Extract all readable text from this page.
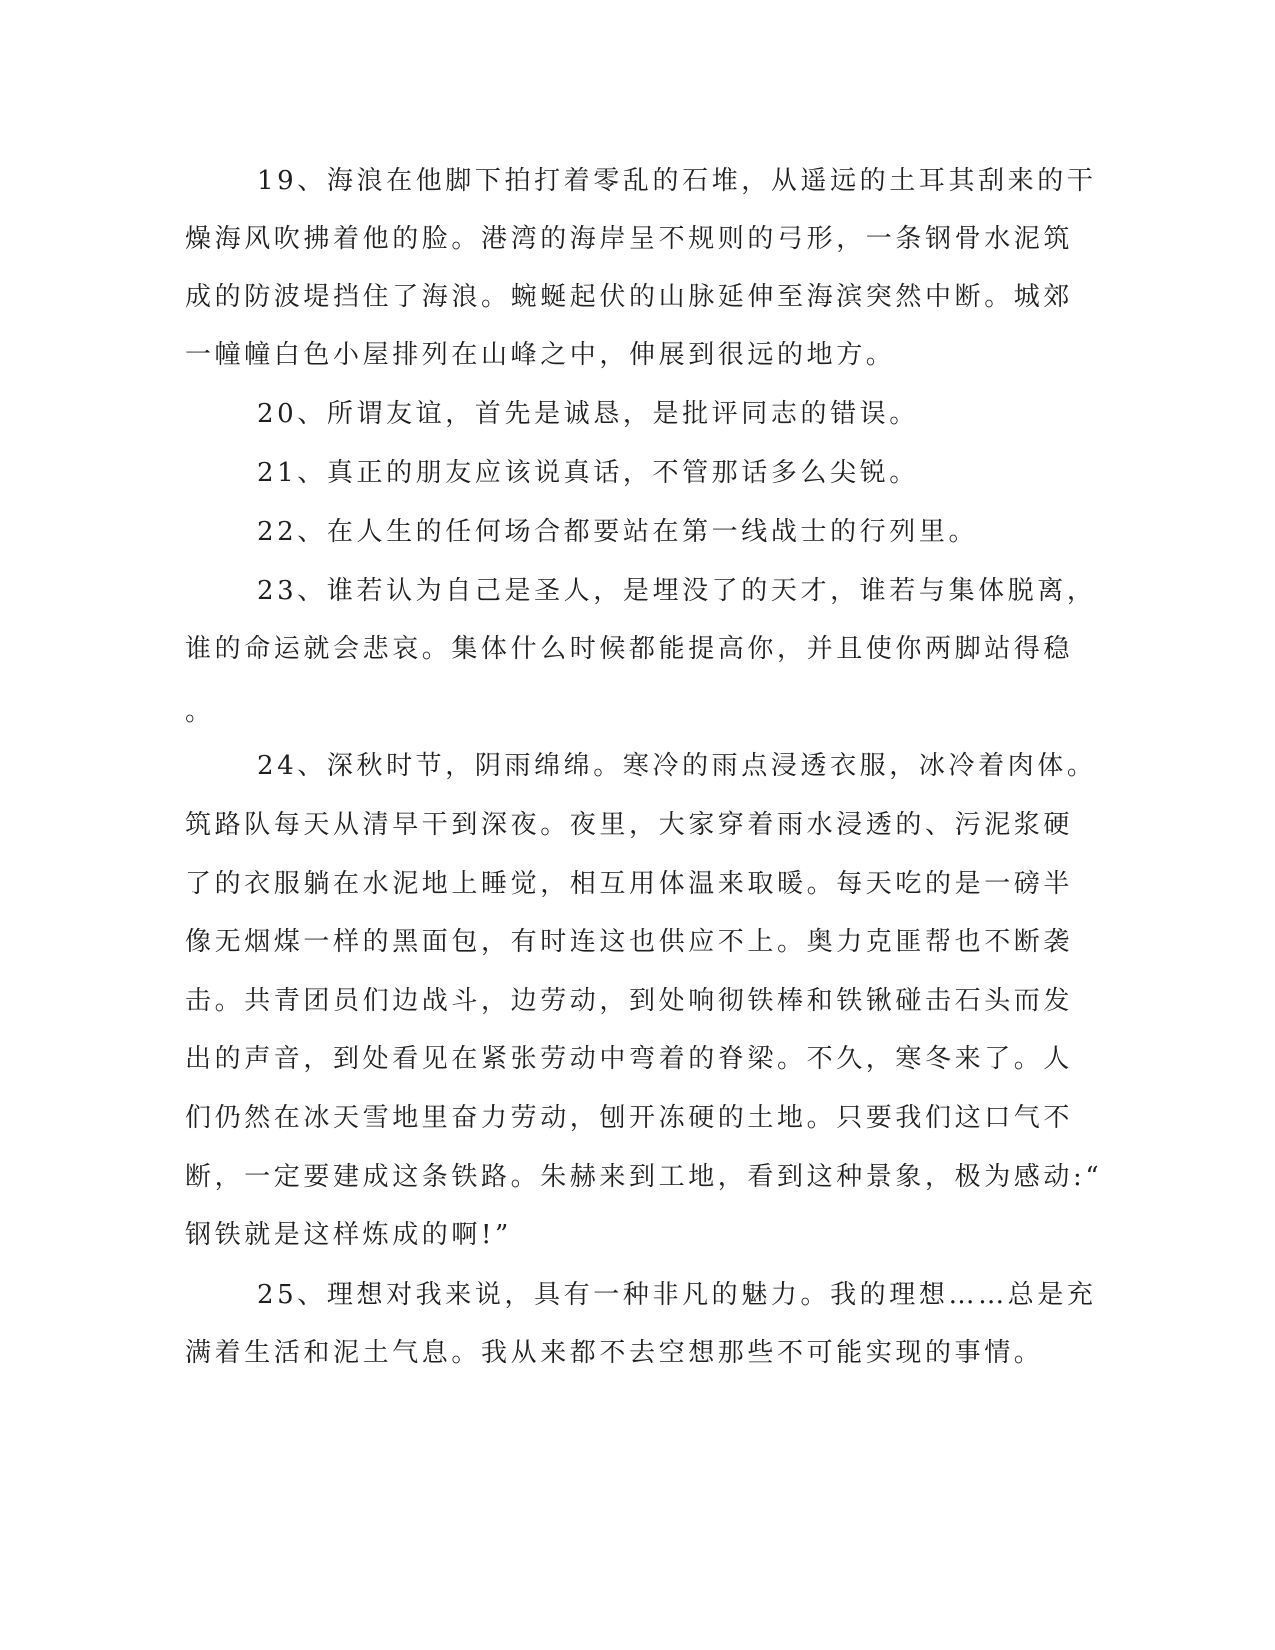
19、海浪在他脚下拍打着零乱的石堆，从遥远的土耳其刮来的干

燥海风吹拂着他的脸。港湾的海岸呈不规则的弓形，一条钢骨水泥筑

成的防波堤挡住了海浪。蜿蜒起伏的山脉延伸至海滨突然中断。城郊

一幢幢白色小屋排列在山峰之中，伸展到很远的地方。

20、所谓友谊，首先是诚恳，是批评同志的错误。

21、真正的朋友应该说真话，不管那话多么尖锐。

22、在人生的任何场合都要站在第一线战士的行列里。

23、谁若认为自己是圣人，是埋没了的天才，谁若与集体脱离，

谁的命运就会悲哀。集体什么时候都能提高你，并且使你两脚站得稳

。

24、深秋时节，阴雨绵绵。寒冷的雨点浸透衣服，冰冷着肉体。

筑路队每天从清早干到深夜。夜里，大家穿着雨水浸透的、污泥浆硬

了的衣服躺在水泥地上睡觉，相互用体温来取暖。每天吃的是一磅半

像无烟煤一样的黑面包，有时连这也供应不上。奥力克匪帮也不断袭

击。共青团员们边战斗，边劳动，到处响彻铁棒和铁锹碰击石头而发

出的声音，到处看见在紧张劳动中弯着的脊梁。不久，寒冬来了。人

们仍然在冰天雪地里奋力劳动，刨开冻硬的土地。只要我们这口气不

断，一定要建成这条铁路。朱赫来到工地，看到这种景象，极为感动:“

钢铁就是这样炼成的啊!”

25、理想对我来说，具有一种非凡的魅力。我的理想……总是充

满着生活和泥土气息。我从来都不去空想那些不可能实现的事情。
